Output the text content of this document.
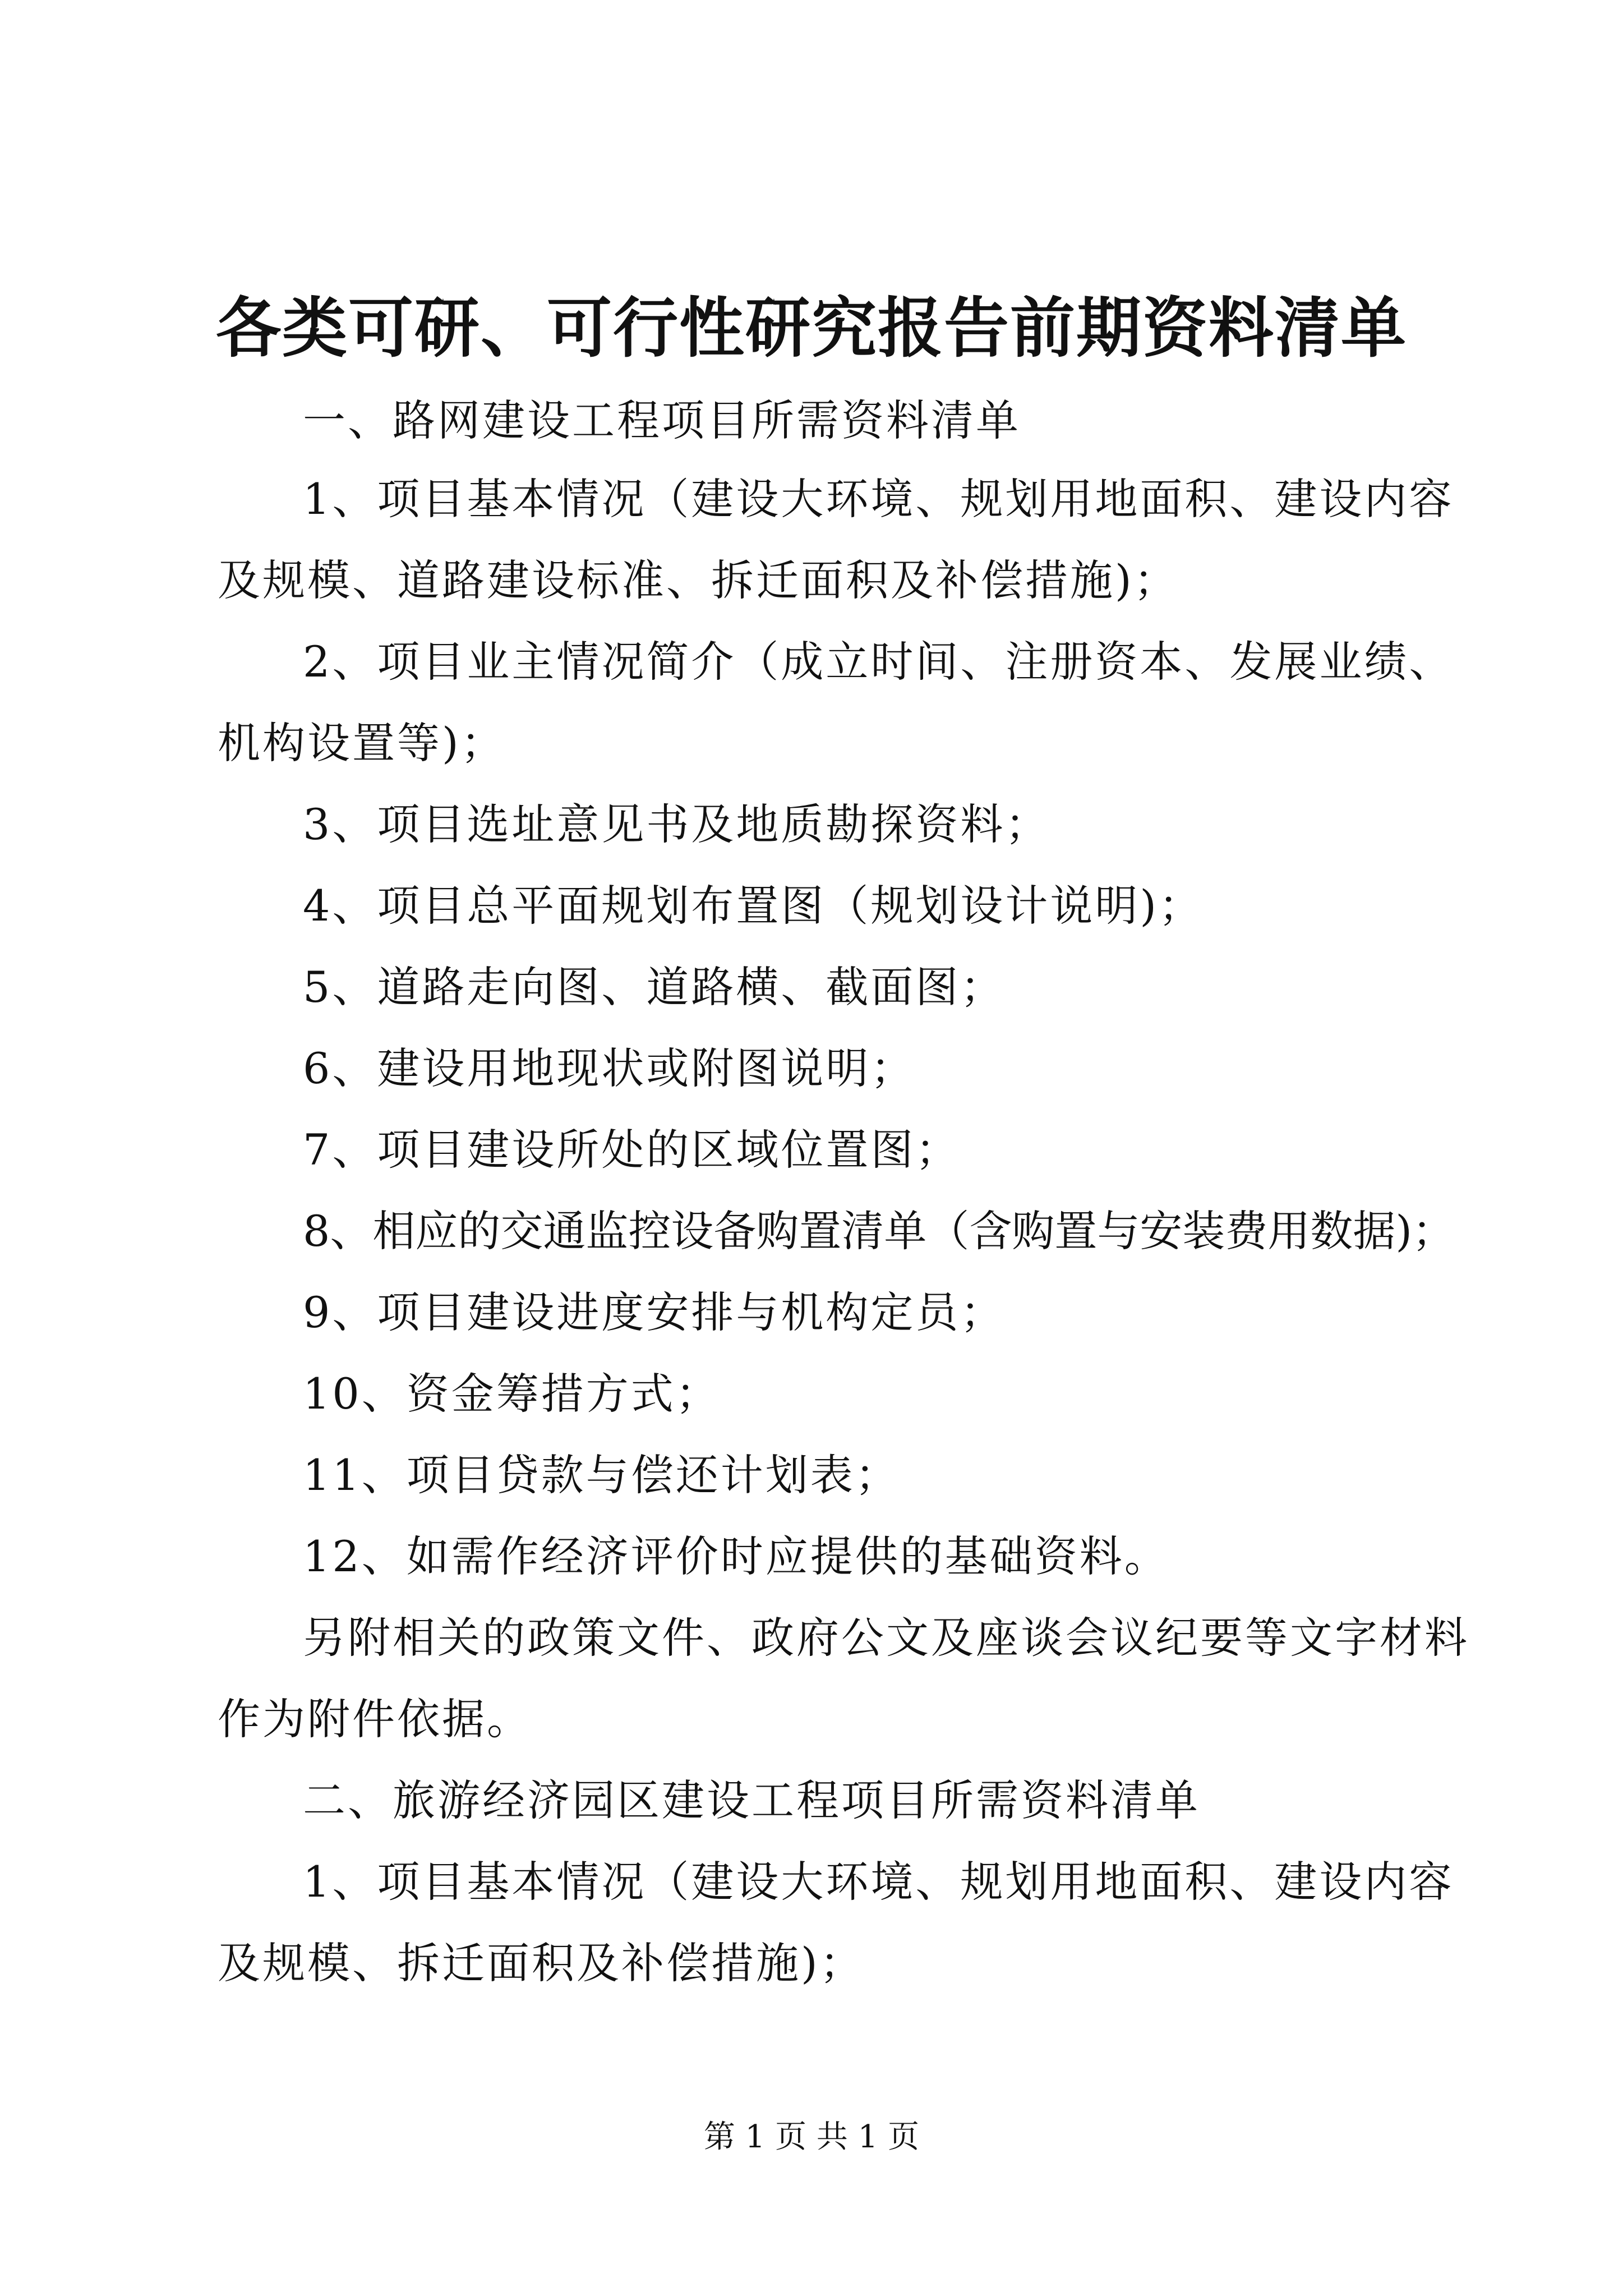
各类可研、可行性研究报告前期资料清单
一、路网建设工程项目所需资料清单
1、项目基本情况（建设大环境、规划用地面积、建设内容
及规模、道路建设标准、拆迁面积及补偿措施)；
2、项目业主情况简介（成立时间、注册资本、发展业绩、
机构设置等)；
3、项目选址意见书及地质勘探资料；
4、项目总平面规划布置图（规划设计说明)；
5、道路走向图、道路横、截面图；
6、建设用地现状或附图说明；
7、项目建设所处的区域位置图；
8、相应的交通监控设备购置清单（含购置与安装费用数据)；
9、项目建设进度安排与机构定员；
10、资金筹措方式；
11、项目贷款与偿还计划表；
12、如需作经济评价时应提供的基础资料。
另附相关的政策文件、政府公文及座谈会议纪要等文字材料
作为附件依据。
二、旅游经济园区建设工程项目所需资料清单
1、项目基本情况（建设大环境、规划用地面积、建设内容
及规模、拆迁面积及补偿措施)；
第 1 页 共 1 页
